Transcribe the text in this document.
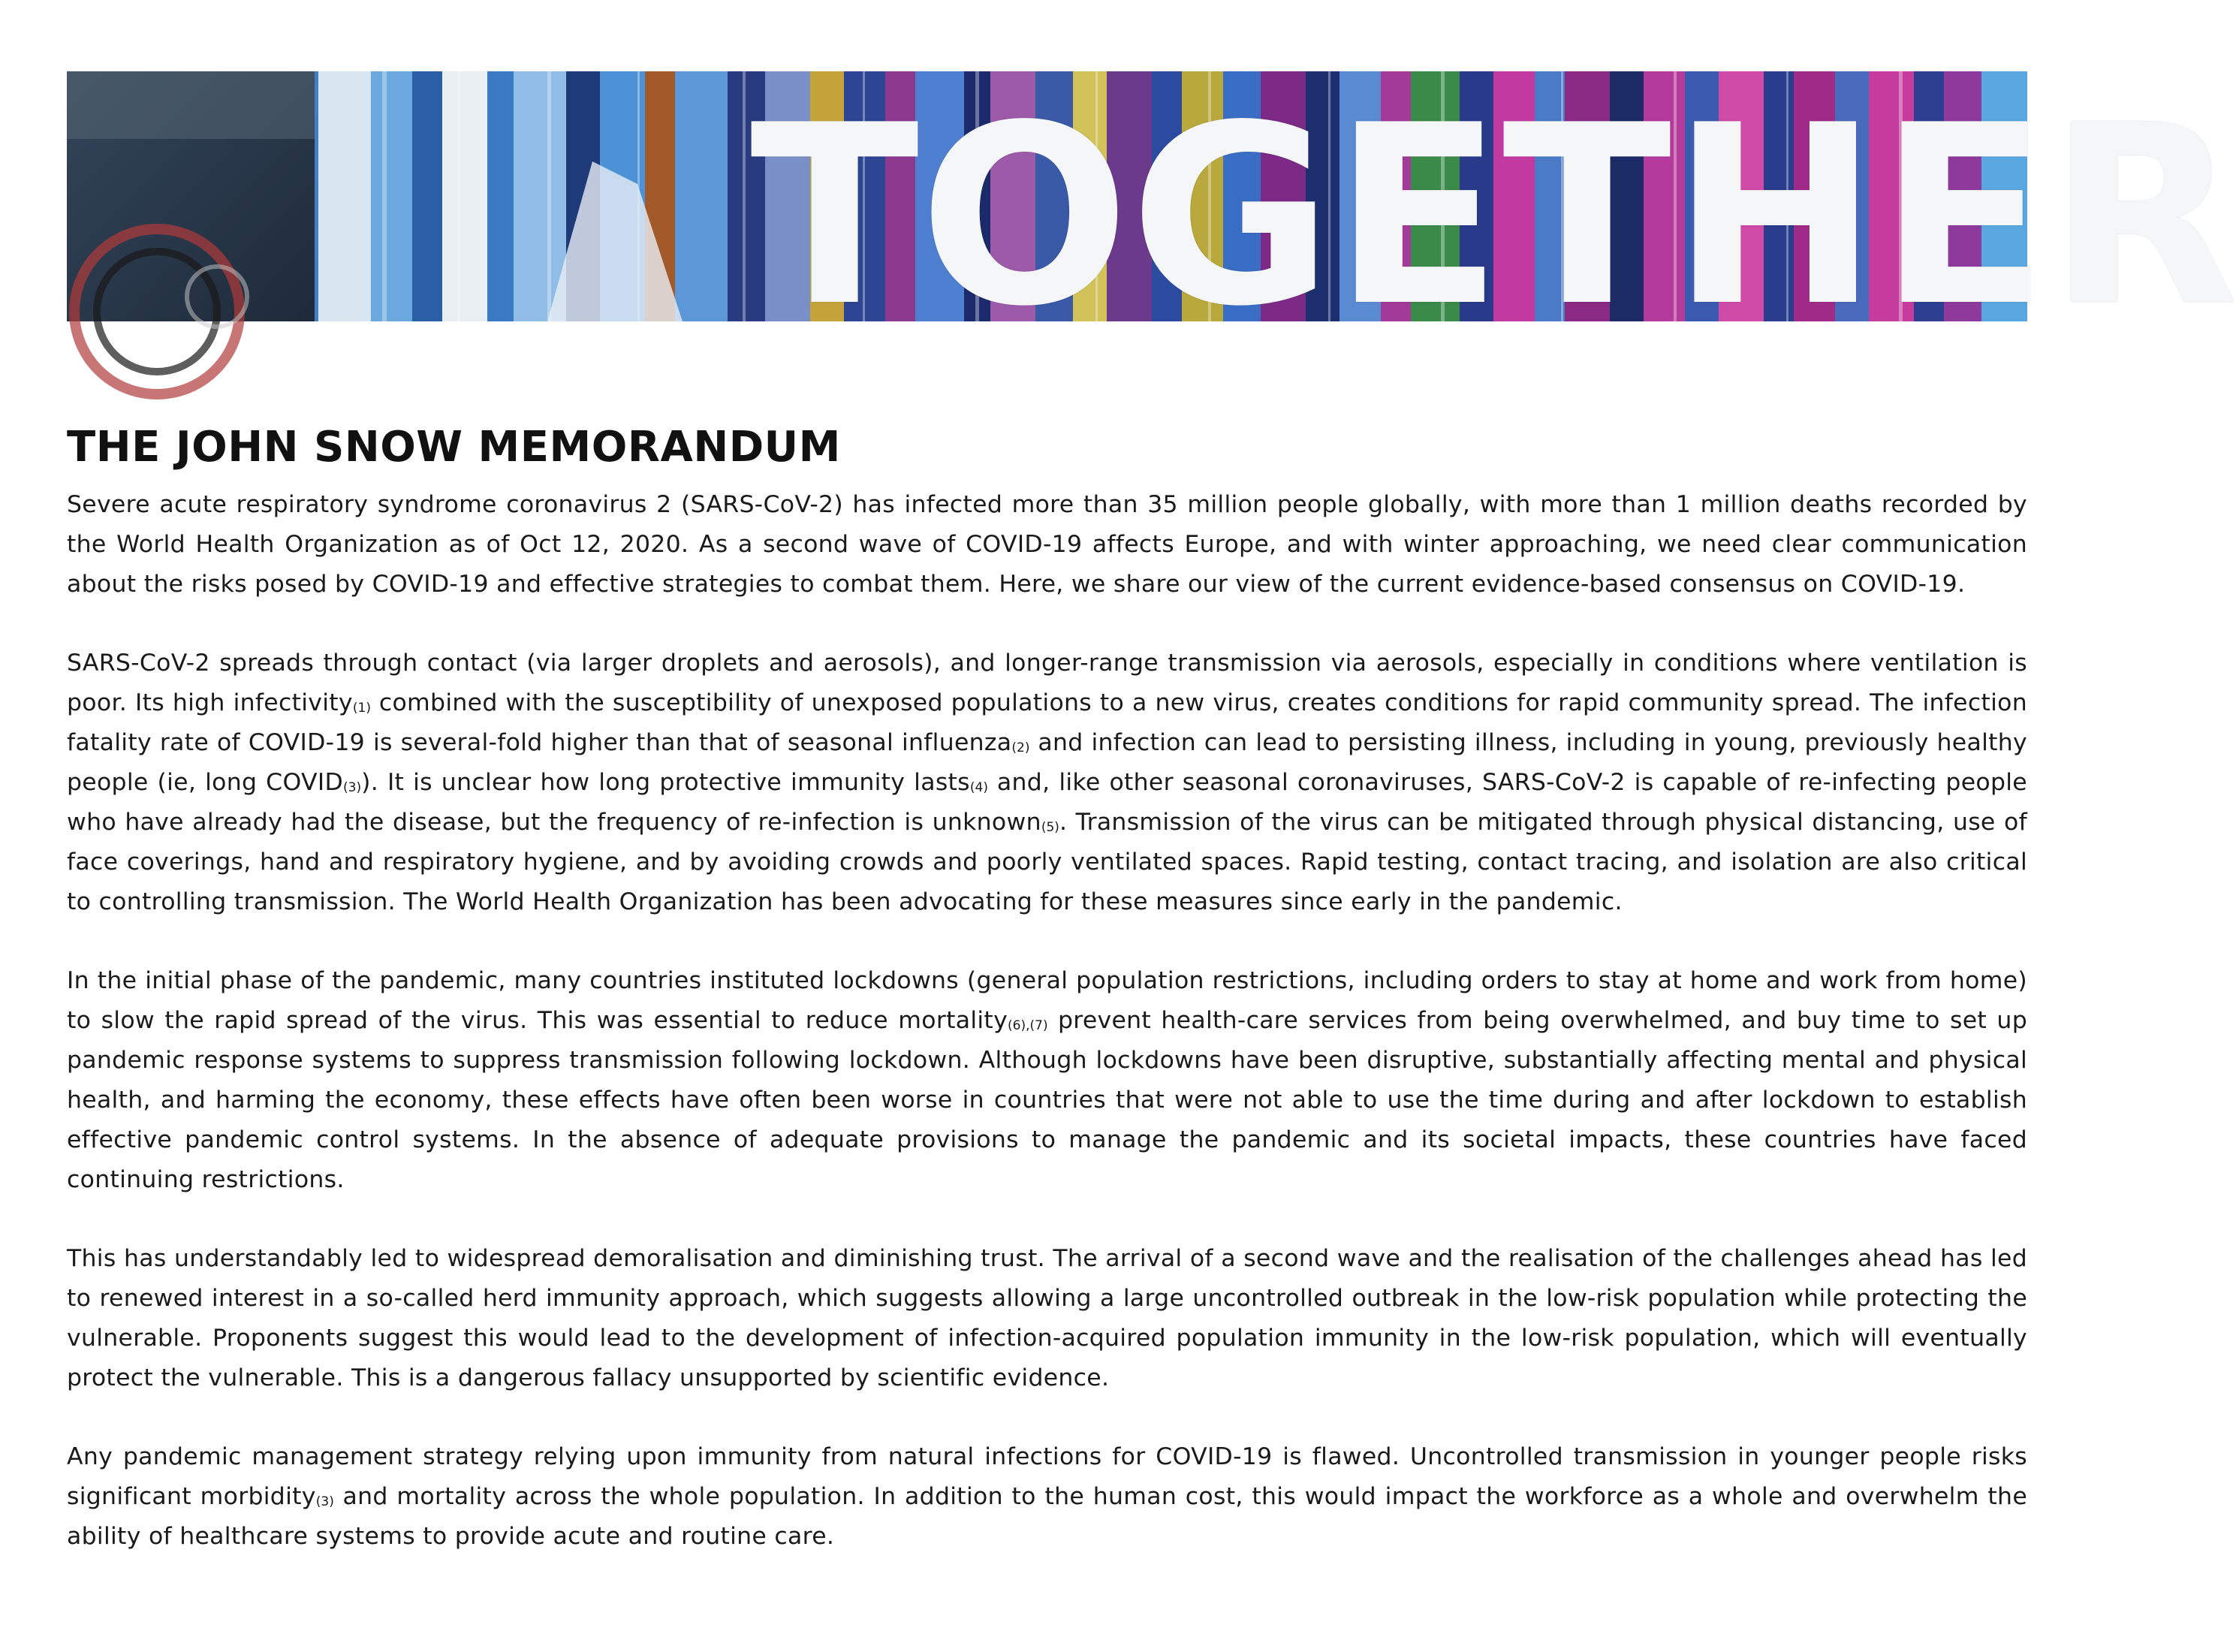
T O G E T H E R
THE JOHN SNOW MEMORANDUM

Severe acute respiratory syndrome coronavirus 2 (SARS-CoV-2) has infected more than 35 million people globally, with more than 1 million deaths recorded by the World Health Organization as of Oct 12, 2020. As a second wave of COVID-19 affects Europe, and with winter approaching, we need clear communication about the risks posed by COVID-19 and effective strategies to combat them. Here, we share our view of the current evidence-based consensus on COVID-19.

SARS-CoV-2 spreads through contact (via larger droplets and aerosols), and longer-range transmission via aerosols, especially in conditions where ventilation is poor. Its high infectivity$_{(1)}$ combined with the susceptibility of unexposed populations to a new virus, creates conditions for rapid community spread. The infection fatality rate of COVID-19 is several-fold higher than that of seasonal influenza$_{(2)}$ and infection can lead to persisting illness, including in young, previously healthy people (ie, long $COVID_{(3)}$). It is unclear how long protective immunity lasts$_{(4)}$ and, like other seasonal coronaviruses, SARS-CoV-2 is capable of re-infecting people who have already had the disease, but the frequency of re-infection is unknown$_{(5)}$. Transmission of the virus can be mitigated through physical distancing, use of face coverings, hand and respiratory hygiene, and by avoiding crowds and poorly ventilated spaces. Rapid testing, contact tracing, and isolation are also critical to controlling transmission. The World Health Organization has been advocating for these measures since early in the pandemic.

In the initial phase of the pandemic, many countries instituted lockdowns (general population restrictions, including orders to stay at home and work from home) to slow the rapid spread of the virus. This was essential to reduce mortality$_{(6),(7)}$ prevent health-care services from being overwhelmed, and buy time to set up pandemic response systems to suppress transmission following lockdown. Although lockdowns have been disruptive, substantially affecting mental and physical health, and harming the economy, these effects have often been worse in countries that were not able to use the time during and after lockdown to establish effective pandemic control systems. In the absence of adequate provisions to manage the pandemic and its societal impacts, these countries have faced continuing restrictions.

This has understandably led to widespread demoralisation and diminishing trust. The arrival of a second wave and the realisation of the challenges ahead has led to renewed interest in a so-called herd immunity approach, which suggests allowing a large uncontrolled outbreak in the low-risk population while protecting the vulnerable. Proponents suggest this would lead to the development of infection-acquired population immunity in the low-risk population, which will eventually protect the vulnerable. This is a dangerous fallacy unsupported by scientific evidence.

Any pandemic management strategy relying upon immunity from natural infections for COVID-19 is flawed. Uncontrolled transmission in younger people risks significant morbidity$_{(3)}$ and mortality across the whole population. In addition to the human cost, this would impact the workforce as a whole and overwhelm the ability of healthcare systems to provide acute and routine care.
